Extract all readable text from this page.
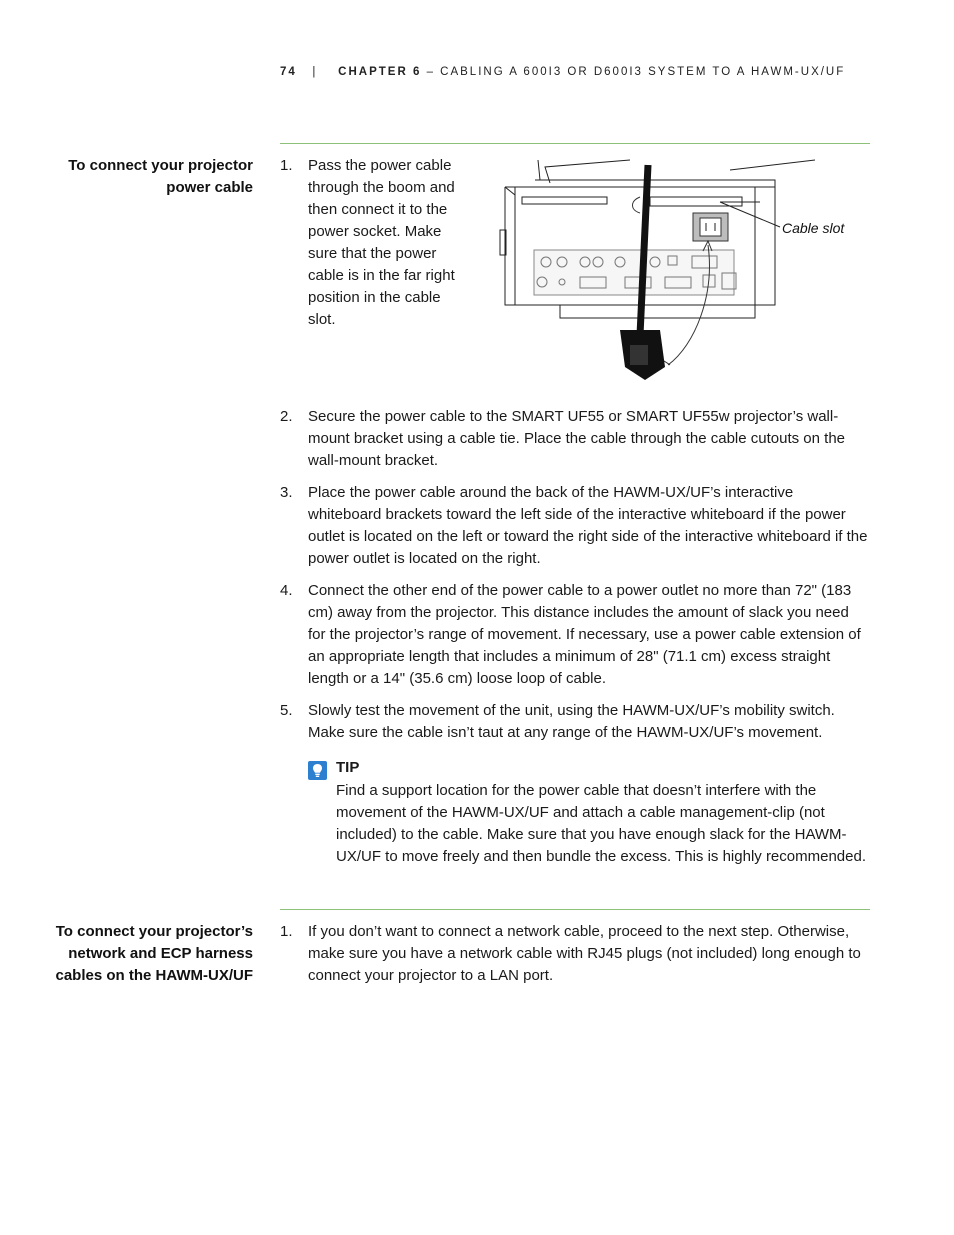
74 | CHAPTER 6 – CABLING A 600I3 OR D600I3 SYSTEM TO A HAWM-UX/UF
To connect your projector power cable
1. Pass the power cable through the boom and then connect it to the power socket. Make sure that the power cable is in the far right position in the cable slot.
Cable slot
2. Secure the power cable to the SMART UF55 or SMART UF55w projector’s wall-mount bracket using a cable tie. Place the cable through the cable cutouts on the wall-mount bracket.
3. Place the power cable around the back of the HAWM-UX/UF’s interactive whiteboard brackets toward the left side of the interactive whiteboard if the power outlet is located on the left or toward the right side of the interactive whiteboard if the power outlet is located on the right.
4. Connect the other end of the power cable to a power outlet no more than 72" (183 cm) away from the projector. This distance includes the amount of slack you need for the projector’s range of movement. If necessary, use a power cable extension of an appropriate length that includes a minimum of 28" (71.1 cm) excess straight length or a 14" (35.6 cm) loose loop of cable.
5. Slowly test the movement of the unit, using the HAWM-UX/UF’s mobility switch. Make sure the cable isn’t taut at any range of the HAWM-UX/UF’s movement.
TIP
Find a support location for the power cable that doesn’t interfere with the movement of the HAWM-UX/UF and attach a cable management-clip (not included) to the cable. Make sure that you have enough slack for the HAWM-UX/UF to move freely and then bundle the excess. This is highly recommended.
To connect your projector’s network and ECP harness cables on the HAWM-UX/UF
1. If you don’t want to connect a network cable, proceed to the next step. Otherwise, make sure you have a network cable with RJ45 plugs (not included) long enough to connect your projector to a LAN port.
